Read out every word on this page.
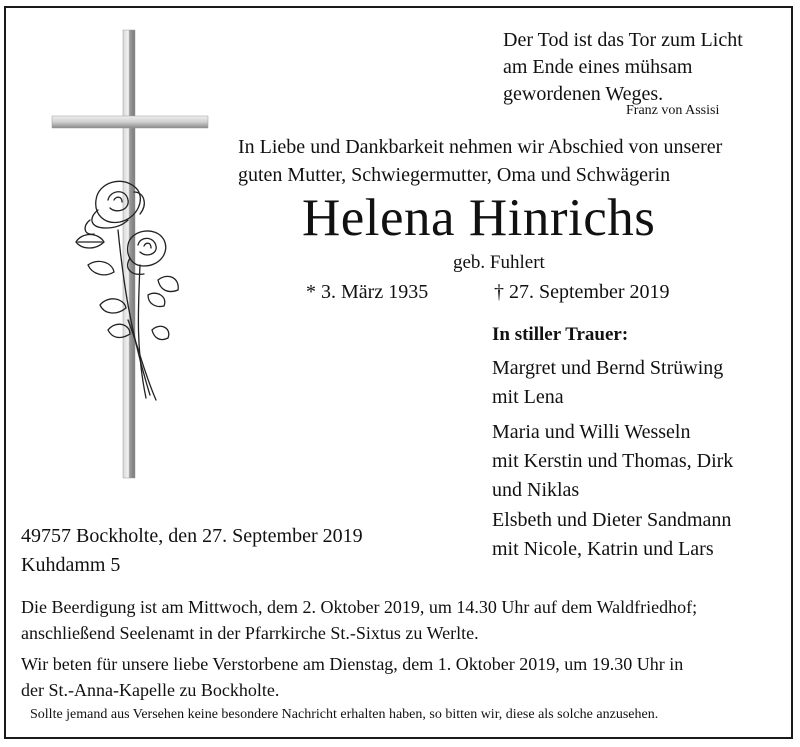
Der Tod ist das Tor zum Licht
am Ende eines mühsam
gewordenen Weges.
Franz von Assisi
In Liebe und Dankbarkeit nehmen wir Abschied von unserer
guten Mutter, Schwiegermutter, Oma und Schwägerin
Helena Hinrichs
geb. Fuhlert
* 3. März 1935	† 27. September 2019
In stiller Trauer:
Margret und Bernd Strüwing
mit Lena
Maria und Willi Wesseln
mit Kerstin und Thomas, Dirk
und Niklas
Elsbeth und Dieter Sandmann
mit Nicole, Katrin und Lars
49757 Bockholte, den 27. September 2019
Kuhdamm 5
Die Beerdigung ist am Mittwoch, dem 2. Oktober 2019, um 14.30 Uhr auf dem Waldfriedhof;
anschließend Seelenamt in der Pfarrkirche St.-Sixtus zu Werlte.
Wir beten für unsere liebe Verstorbene am Dienstag, dem 1. Oktober 2019, um 19.30 Uhr in
der St.-Anna-Kapelle zu Bockholte.
Sollte jemand aus Versehen keine besondere Nachricht erhalten haben, so bitten wir, diese als solche anzusehen.
